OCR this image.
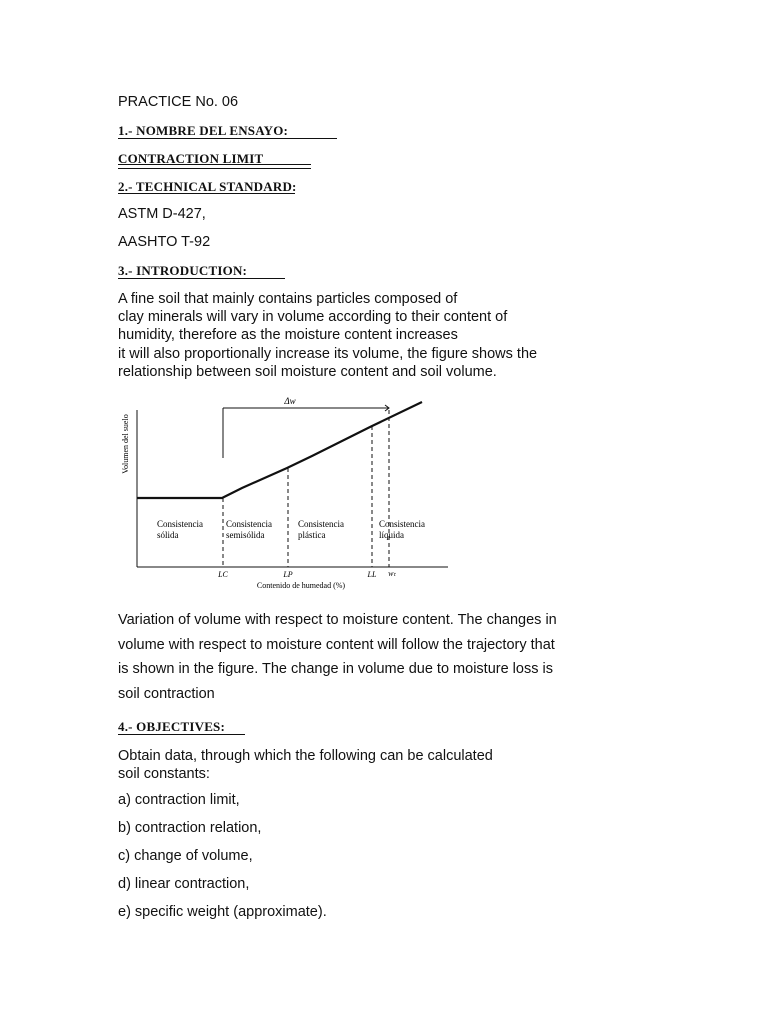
PRACTICE No. 06
1.- NOMBRE DEL ENSAYO:
CONTRACTION LIMIT
2.- TECHNICAL STANDARD:
ASTM D-427,
AASHTO T-92
3.- INTRODUCTION:
A fine soil that mainly contains particles composed of
clay minerals will vary in volume according to their content of
humidity, therefore as the moisture content increases
it will also proportionally increase its volume, the figure shows the
relationship between soil moisture content and soil volume.
Volumen del suelo
Δw
Consistencia
sólida
Consistencia
semisólida
Consistencia
plástica
Consistencia
líquida
LC	LP	LL wₜ
Contenido de humedad (%)
Variation of volume with respect to moisture content. The changes in
volume with respect to moisture content will follow the trajectory that
is shown in the figure. The change in volume due to moisture loss is
soil contraction
4.- OBJECTIVES:
Obtain data, through which the following can be calculated
soil constants:
a) contraction limit,
b) contraction relation,
c) change of volume,
d) linear contraction,
e) specific weight (approximate).
